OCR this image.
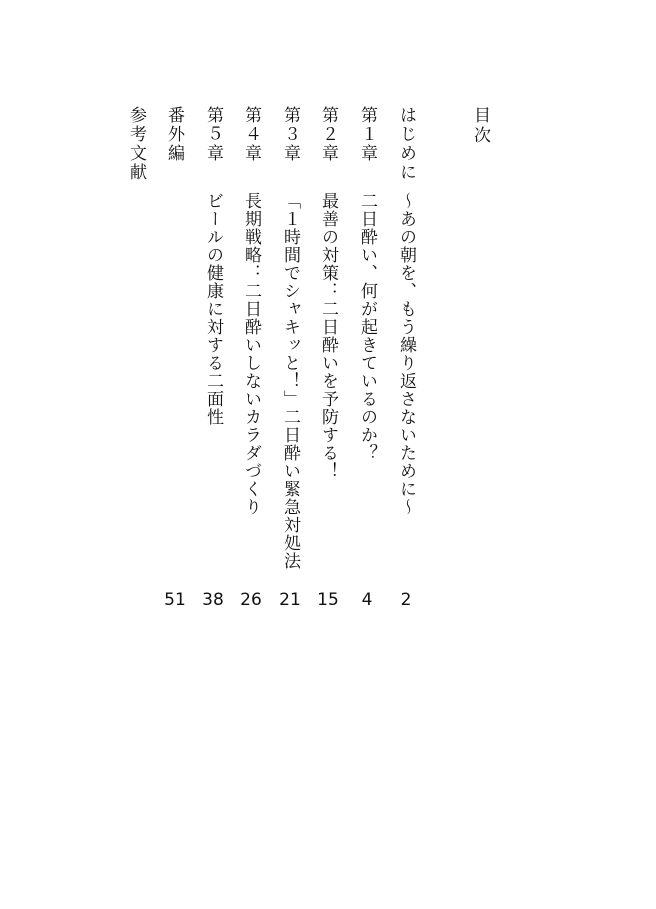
目次
はじめに
～あの朝を、もう繰り返さないために～
2
第１章
二日酔い、何が起きているのか？
4
第２章
最善の対策：二日酔いを予防する！
15
第３章
「１時間でシャキッと！」二日酔い緊急対処法
21
第４章
長期戦略：二日酔いしないカラダづくり
26
第５章
ビールの健康に対する二面性
38
番外編
51
参考文献
